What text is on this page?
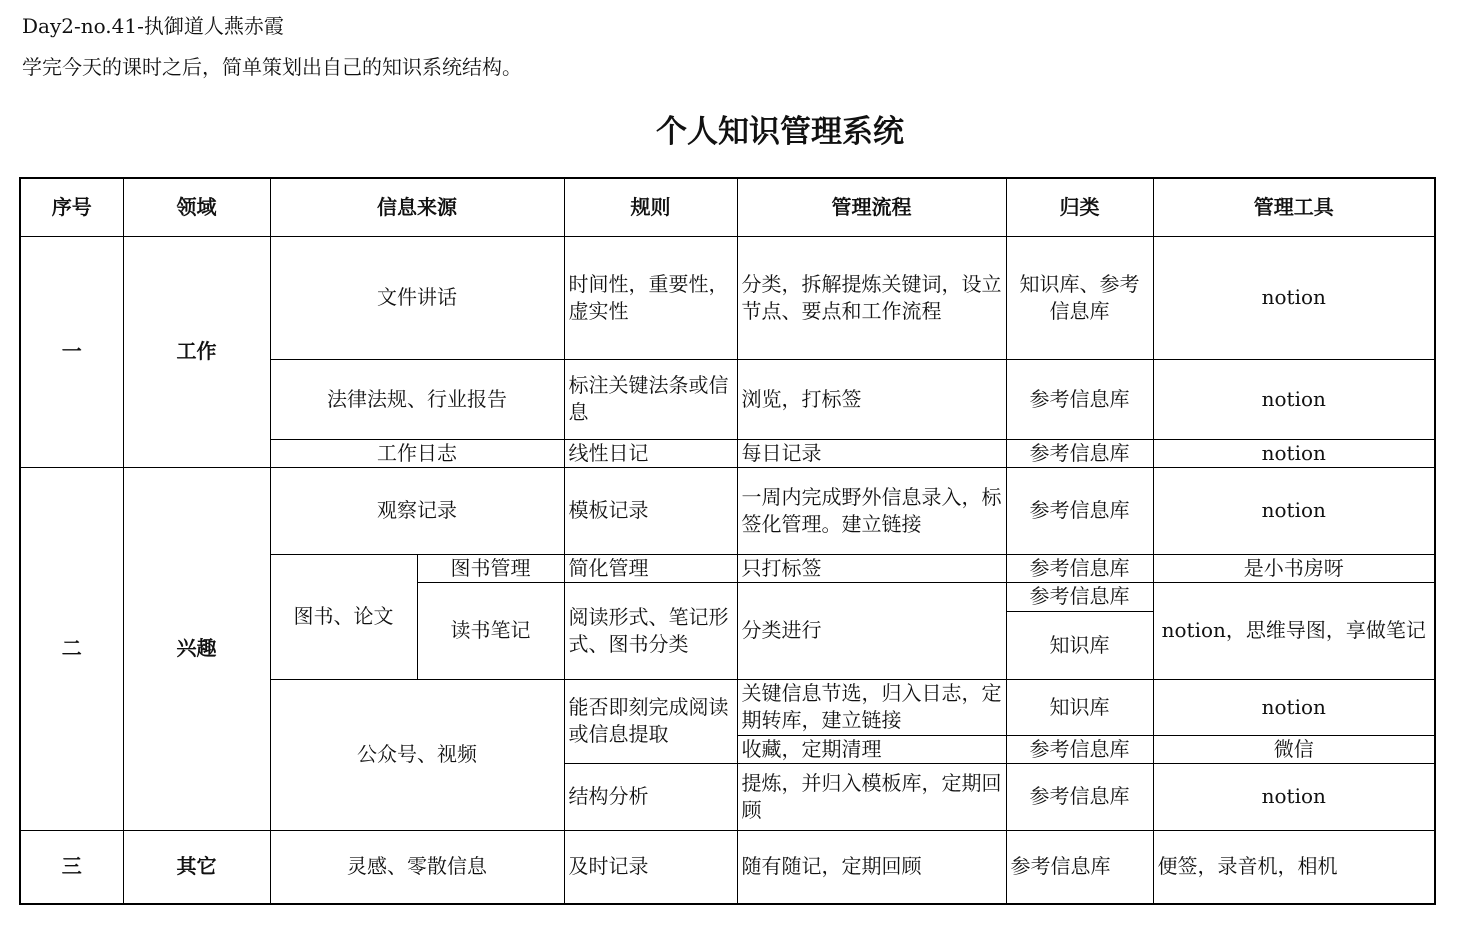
Day2-no.41-执御道人燕赤霞
学完今天的课时之后，简单策划出自己的知识系统结构。
个人知识管理系统
序号	领域	信息来源		规则	管理流程	归类	管理工具
一	工作	文件讲话		时间性，重要性，虚实性	分类，拆解提炼关键词，设立节点、要点和工作流程	知识库、参考信息库	notion
		法律法规、行业报告		标注关键法条或信息	浏览，打标签	参考信息库	notion
		工作日志		线性日记	每日记录	参考信息库	notion
二	兴趣	观察记录		模板记录	一周内完成野外信息录入，标签化管理。建立链接	参考信息库	notion
		图书、论文	图书管理	简化管理	只打标签	参考信息库	是小书房呀
			读书笔记	阅读形式、笔记形式、图书分类	分类进行	参考信息库	notion，思维导图，享做笔记
						知识库	
		公众号、视频		能否即刻完成阅读或信息提取	关键信息节选，归入日志，定期转库，建立链接	知识库	notion
					收藏，定期清理	参考信息库	微信
				结构分析	提炼，并归入模板库，定期回顾	参考信息库	notion

三	其它	灵感、零散信息		及时记录	随有随记，定期回顾	参考信息库	便签，录音机，相机
